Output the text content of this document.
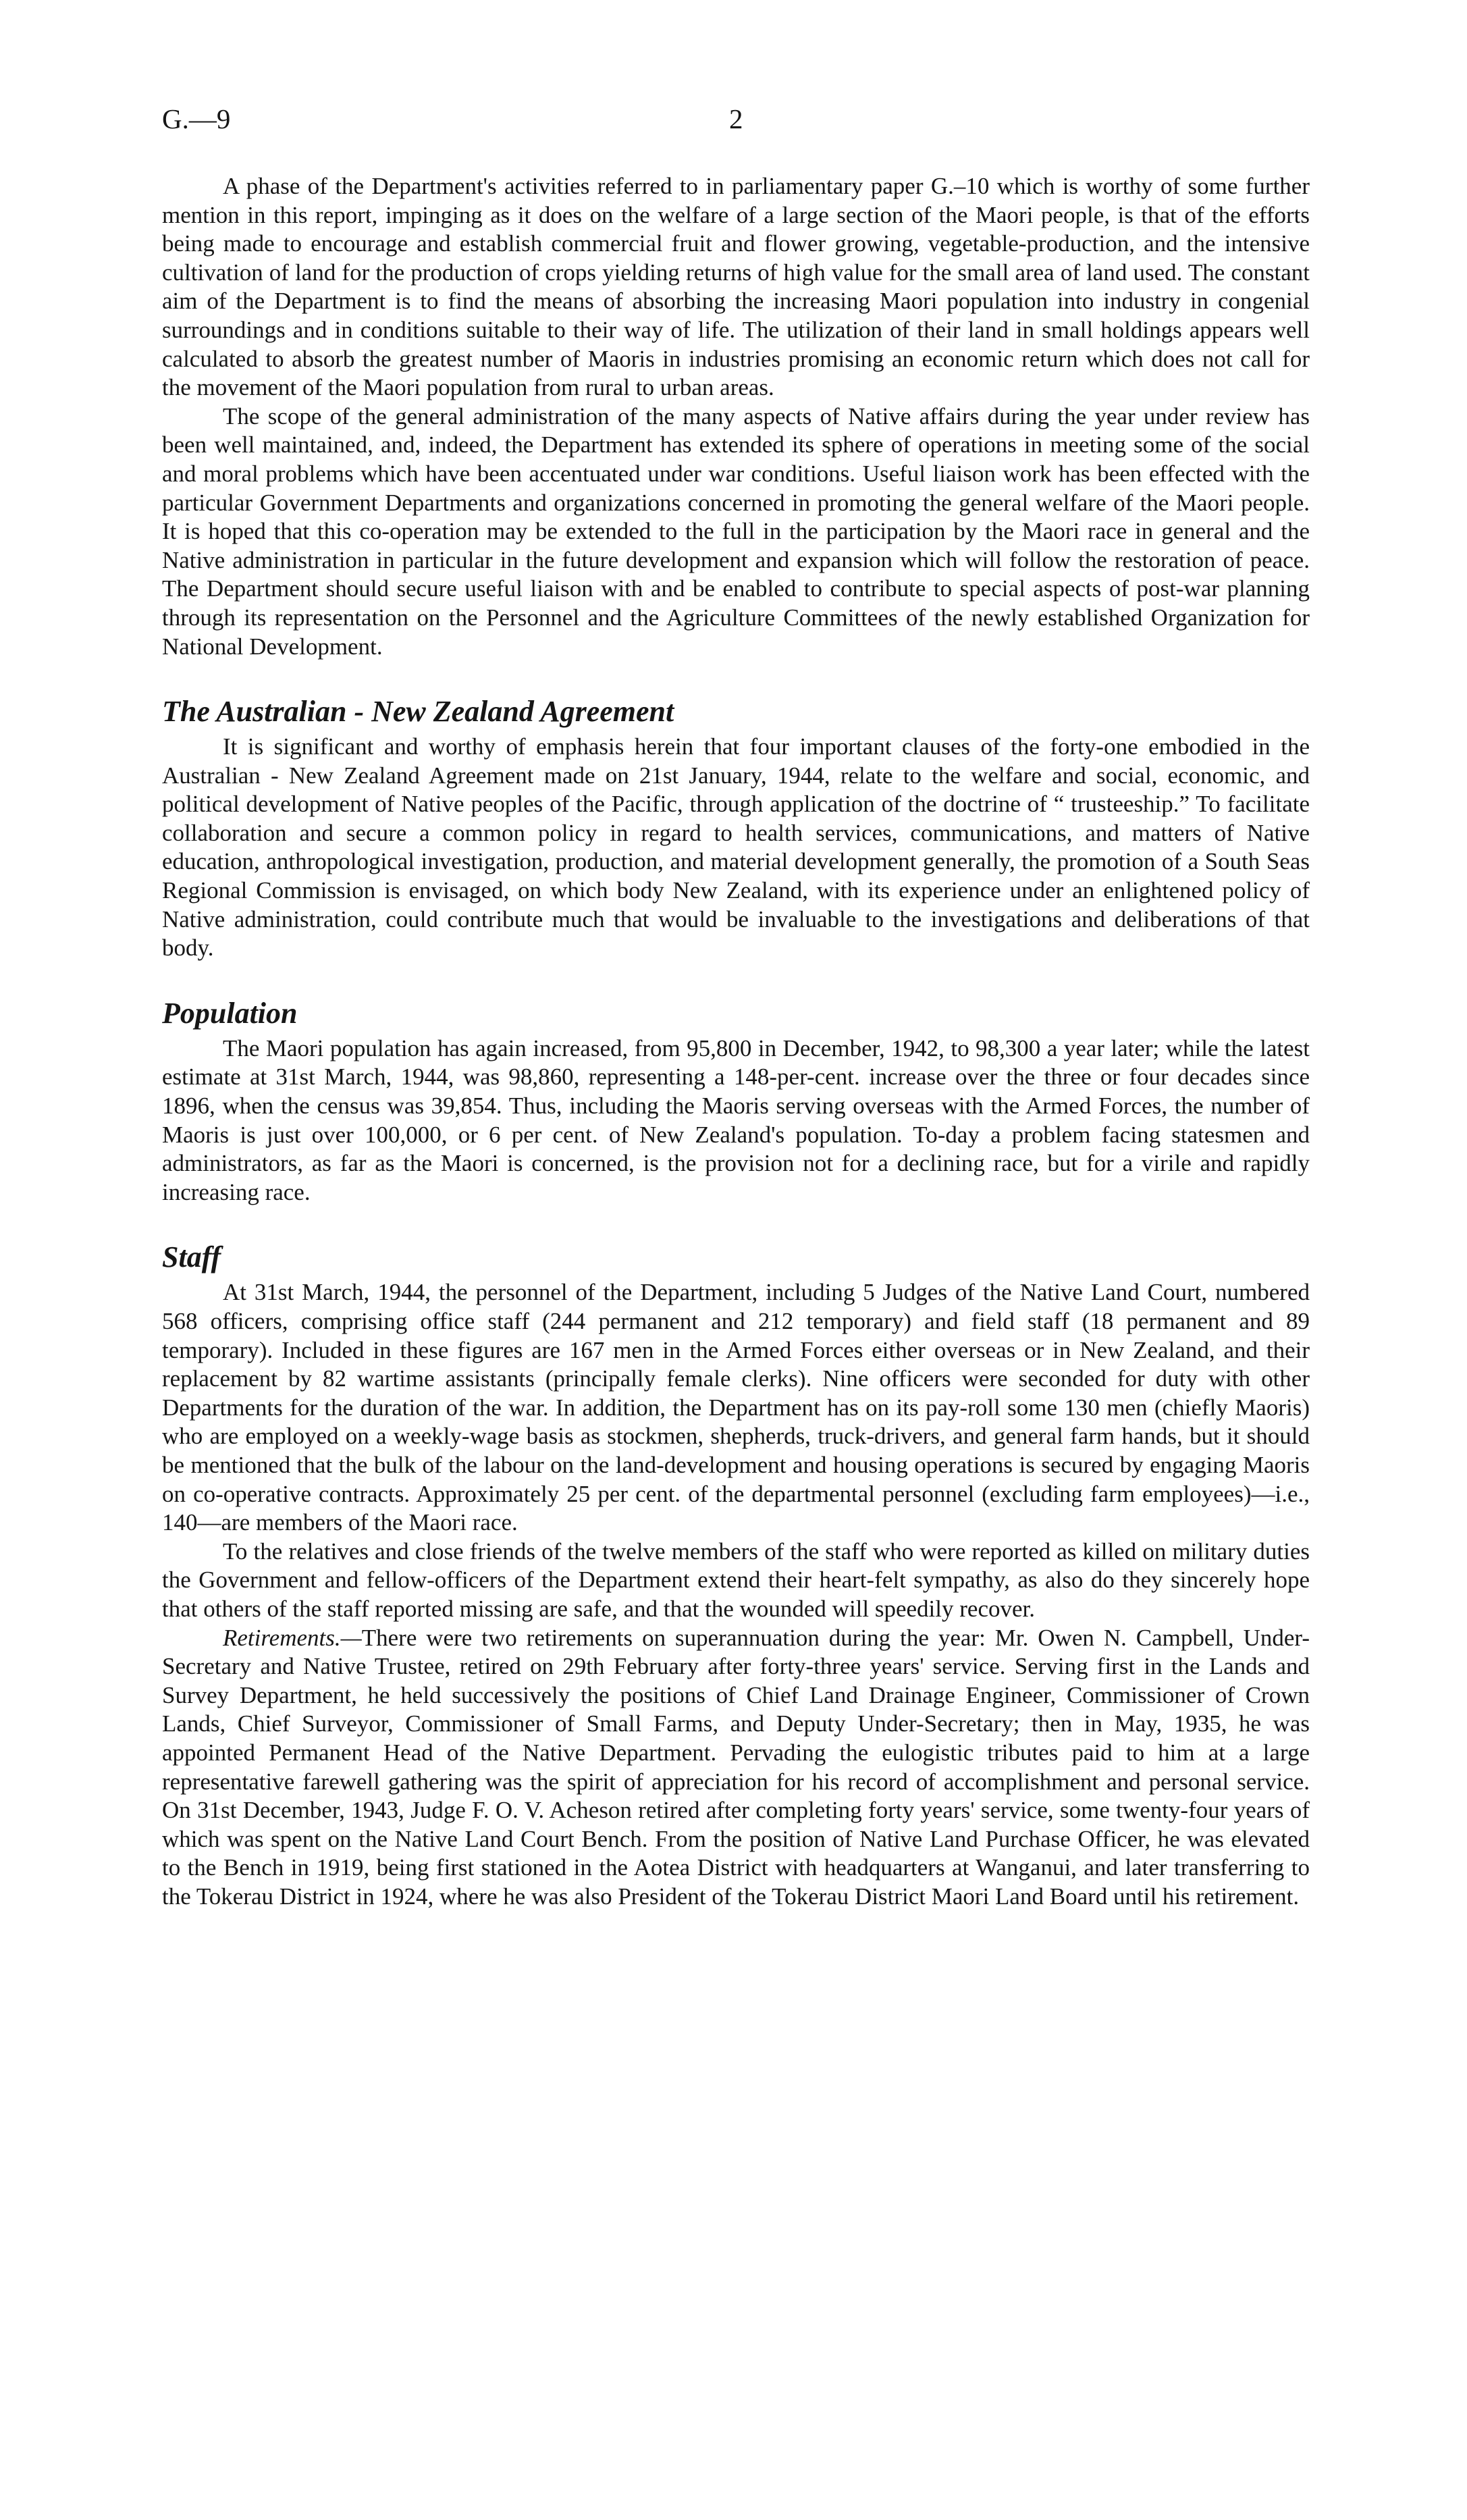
G.—9	2

A phase of the Department's activities referred to in parliamentary paper G.–10 which is worthy of some further mention in this report, impinging as it does on the welfare of a large section of the Maori people, is that of the efforts being made to encourage and establish commercial fruit and flower growing, vegetable-production, and the intensive cultivation of land for the production of crops yielding returns of high value for the small area of land used. The constant aim of the Department is to find the means of absorbing the increasing Maori population into industry in congenial surroundings and in conditions suitable to their way of life. The utilization of their land in small holdings appears well calculated to absorb the greatest number of Maoris in industries promising an economic return which does not call for the movement of the Maori population from rural to urban areas.

The scope of the general administration of the many aspects of Native affairs during the year under review has been well maintained, and, indeed, the Department has extended its sphere of operations in meeting some of the social and moral problems which have been accentuated under war conditions. Useful liaison work has been effected with the particular Government Departments and organizations concerned in promoting the general welfare of the Maori people. It is hoped that this co-operation may be extended to the full in the participation by the Maori race in general and the Native administration in particular in the future development and expansion which will follow the restoration of peace. The Department should secure useful liaison with and be enabled to contribute to special aspects of post-war planning through its representation on the Personnel and the Agriculture Committees of the newly established Organization for National Development.

The Australian - New Zealand Agreement

It is significant and worthy of emphasis herein that four important clauses of the forty-one embodied in the Australian - New Zealand Agreement made on 21st January, 1944, relate to the welfare and social, economic, and political development of Native peoples of the Pacific, through application of the doctrine of “ trusteeship.” To facilitate collaboration and secure a common policy in regard to health services, communications, and matters of Native education, anthropological investigation, production, and material development generally, the promotion of a South Seas Regional Commission is envisaged, on which body New Zealand, with its experience under an enlightened policy of Native administration, could contribute much that would be invaluable to the investigations and deliberations of that body.

Population

The Maori population has again increased, from 95,800 in December, 1942, to 98,300 a year later; while the latest estimate at 31st March, 1944, was 98,860, representing a 148-per-cent. increase over the three or four decades since 1896, when the census was 39,854. Thus, including the Maoris serving overseas with the Armed Forces, the number of Maoris is just over 100,000, or 6 per cent. of New Zealand's population. To-day a problem facing statesmen and administrators, as far as the Maori is concerned, is the provision not for a declining race, but for a virile and rapidly increasing race.

Staff

At 31st March, 1944, the personnel of the Department, including 5 Judges of the Native Land Court, numbered 568 officers, comprising office staff (244 permanent and 212 temporary) and field staff (18 permanent and 89 temporary). Included in these figures are 167 men in the Armed Forces either overseas or in New Zealand, and their replacement by 82 wartime assistants (principally female clerks). Nine officers were seconded for duty with other Departments for the duration of the war. In addition, the Department has on its pay-roll some 130 men (chiefly Maoris) who are employed on a weekly-wage basis as stockmen, shepherds, truck-drivers, and general farm hands, but it should be mentioned that the bulk of the labour on the land-development and housing operations is secured by engaging Maoris on co-operative contracts. Approximately 25 per cent. of the departmental personnel (excluding farm employees)—i.e., 140—are members of the Maori race.

To the relatives and close friends of the twelve members of the staff who were reported as killed on military duties the Government and fellow-officers of the Department extend their heart-felt sympathy, as also do they sincerely hope that others of the staff reported missing are safe, and that the wounded will speedily recover.

Retirements.—There were two retirements on superannuation during the year: Mr. Owen N. Campbell, Under-Secretary and Native Trustee, retired on 29th February after forty-three years' service. Serving first in the Lands and Survey Department, he held successively the positions of Chief Land Drainage Engineer, Commissioner of Crown Lands, Chief Surveyor, Commissioner of Small Farms, and Deputy Under-Secretary; then in May, 1935, he was appointed Permanent Head of the Native Department. Pervading the eulogistic tributes paid to him at a large representative farewell gathering was the spirit of appreciation for his record of accomplishment and personal service. On 31st December, 1943, Judge F. O. V. Acheson retired after completing forty years' service, some twenty-four years of which was spent on the Native Land Court Bench. From the position of Native Land Purchase Officer, he was elevated to the Bench in 1919, being first stationed in the Aotea District with headquarters at Wanganui, and later transferring to the Tokerau District in 1924, where he was also President of the Tokerau District Maori Land Board until his retirement.
